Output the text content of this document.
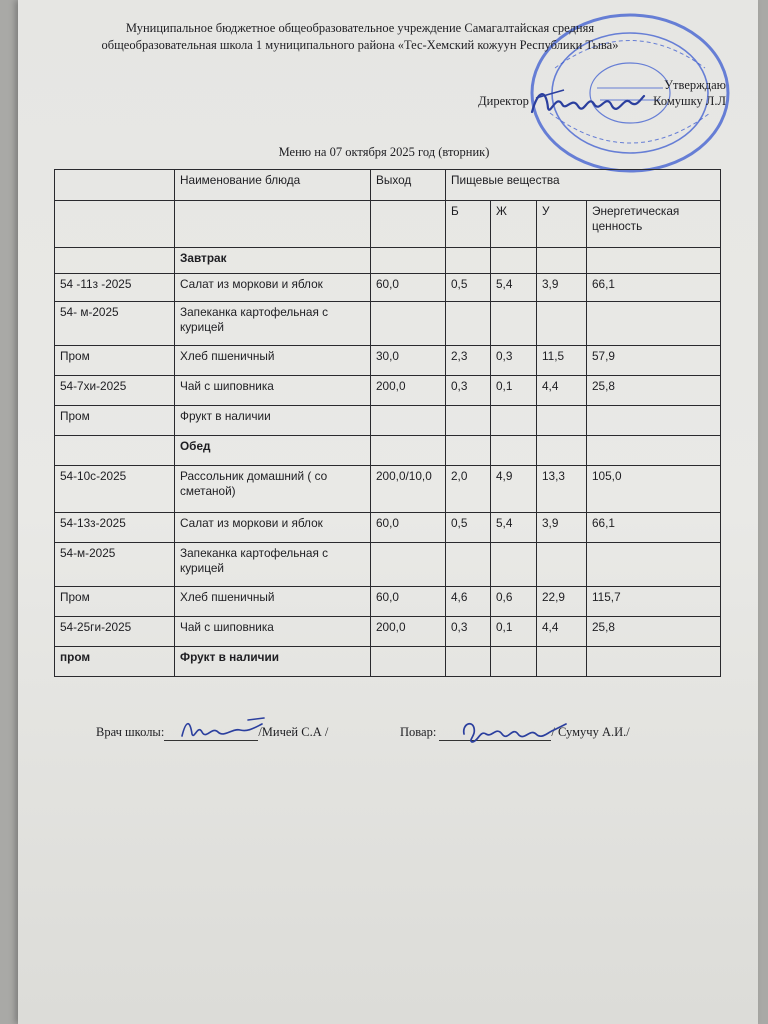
Муниципальное бюджетное общеобразовательное учреждение Самагалтайская средняя
общеобразовательная школа 1 муниципального района «Тес-Хемский кожуун Республики Тыва»
Утверждаю
Директор	Комушку Л.Л
Меню на 07 октября 2025 год (вторник)
	Наименование блюда	Выход	Пищевые вещества			
			Б	Ж	У	Энергетическая ценность
	Завтрак					
54 -11з -2025	Салат из моркови и яблок	60,0	0,5	5,4	3,9	66,1
54- м-2025	Запеканка картофельная с курицей					
Пром	Хлеб пшеничный	30,0	2,3	0,3	11,5	57,9
54-7хи-2025	Чай с шиповника	200,0	0,3	0,1	4,4	25,8
Пром	Фрукт в наличии					
	Обед					
54-10с-2025	Рассольник домашний ( со сметаной)	200,0/10,0	2,0	4,9	13,3	105,0
54-13з-2025	Салат из моркови и яблок	60,0	0,5	5,4	3,9	66,1
54-м-2025	Запеканка картофельная с курицей					
Пром	Хлеб пшеничный	60,0	4,6	0,6	22,9	115,7
54-25ги-2025	Чай с шиповника	200,0	0,3	0,1	4,4	25,8
пром	Фрукт в наличии					
Врач школы:	/Мичей С.А /	Повар:	/ Сумучу А.И./
